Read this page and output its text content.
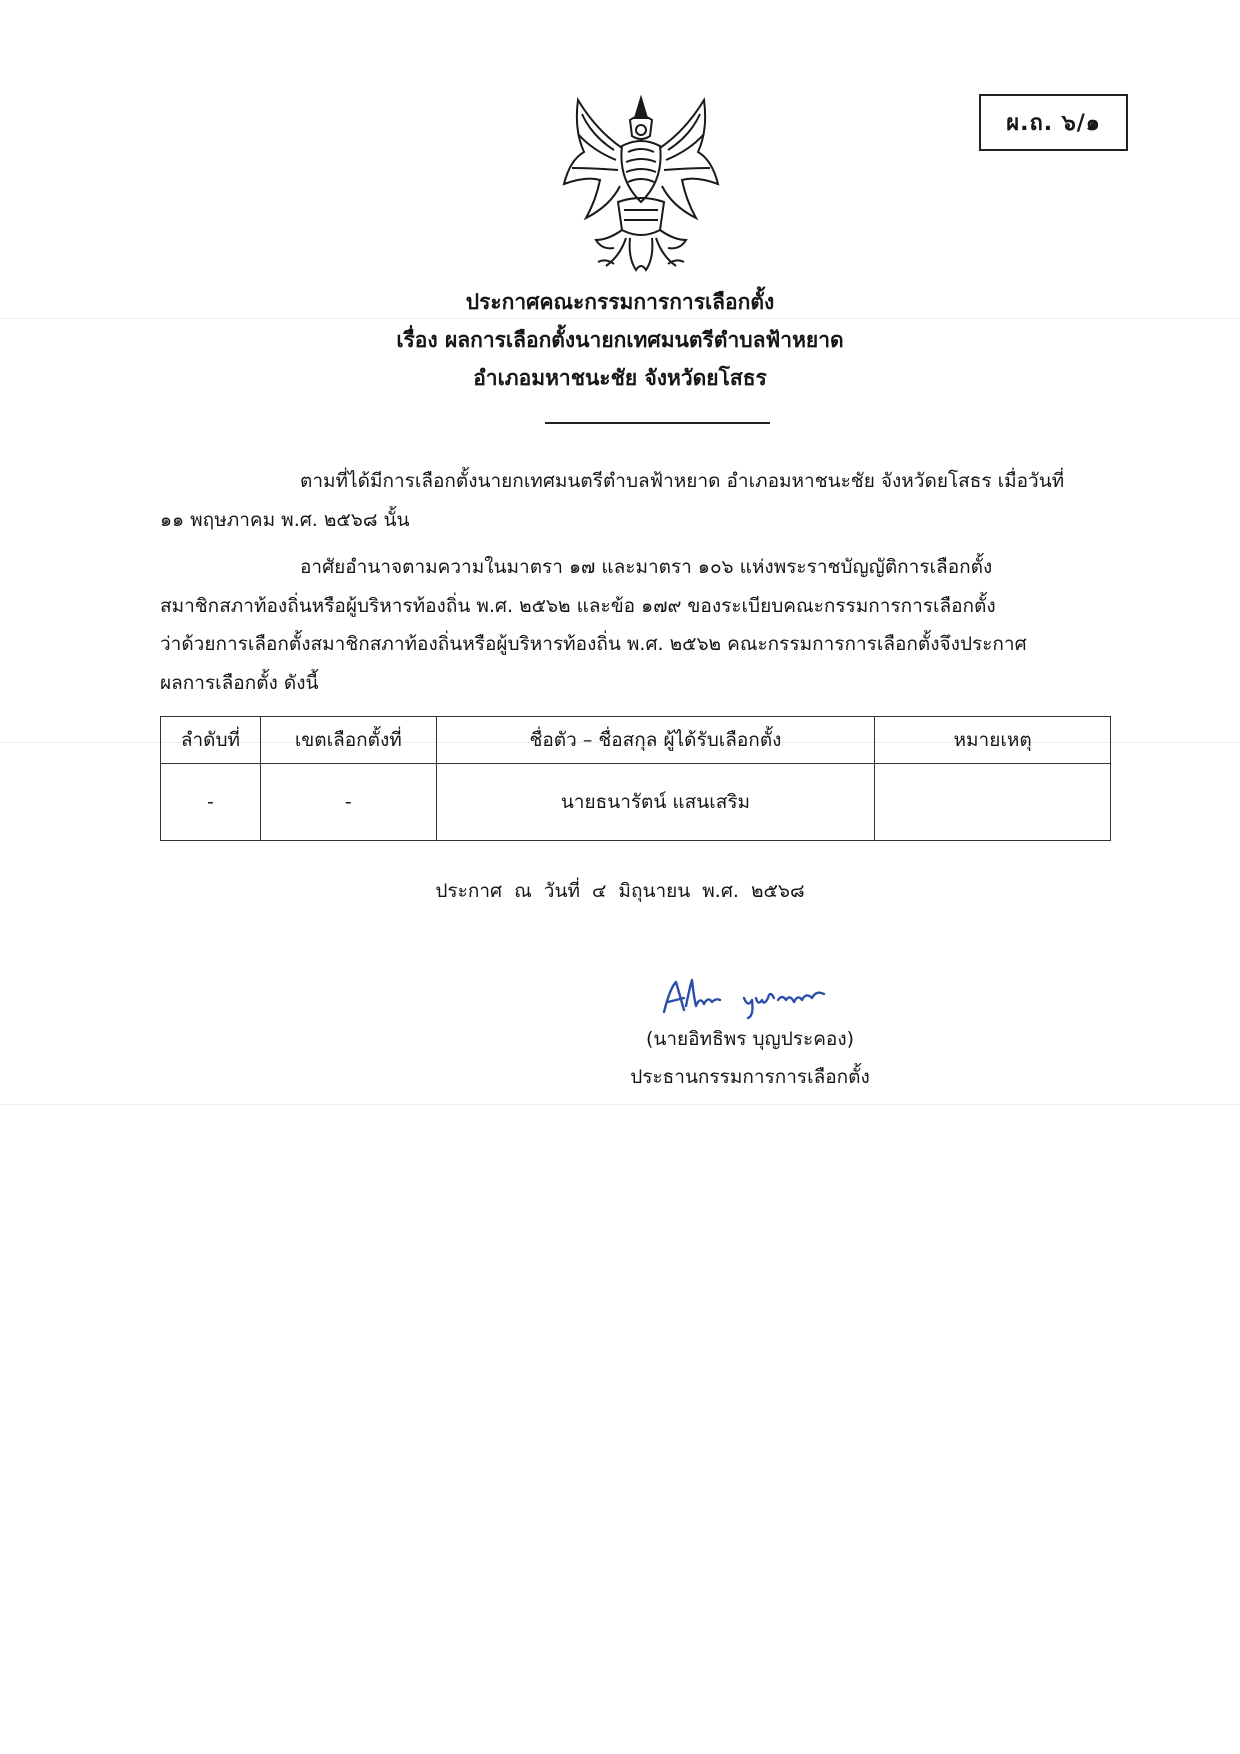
ผ.ถ. ๖/๑
ประกาศคณะกรรมการการเลือกตั้ง
เรื่อง ผลการเลือกตั้งนายกเทศมนตรีตำบลฟ้าหยาด
อำเภอมหาชนะชัย จังหวัดยโสธร
ตามที่ได้มีการเลือกตั้งนายกเทศมนตรีตำบลฟ้าหยาด อำเภอมหาชนะชัย จังหวัดยโสธร เมื่อวันที่
๑๑ พฤษภาคม พ.ศ. ๒๕๖๘ นั้น
อาศัยอำนาจตามความในมาตรา ๑๗ และมาตรา ๑๐๖ แห่งพระราชบัญญัติการเลือกตั้ง
สมาชิกสภาท้องถิ่นหรือผู้บริหารท้องถิ่น พ.ศ. ๒๕๖๒ และข้อ ๑๗๙ ของระเบียบคณะกรรมการการเลือกตั้ง
ว่าด้วยการเลือกตั้งสมาชิกสภาท้องถิ่นหรือผู้บริหารท้องถิ่น พ.ศ. ๒๕๖๒ คณะกรรมการการเลือกตั้งจึงประกาศ
ผลการเลือกตั้ง ดังนี้
ลำดับที่	เขตเลือกตั้งที่	ชื่อตัว – ชื่อสกุล ผู้ได้รับเลือกตั้ง	หมายเหตุ
-	-	นายธนารัตน์ แสนเสริม	
ประกาศ ณ วันที่ ๔ มิถุนายน พ.ศ. ๒๕๖๘
(นายอิทธิพร บุญประคอง)
ประธานกรรมการการเลือกตั้ง
